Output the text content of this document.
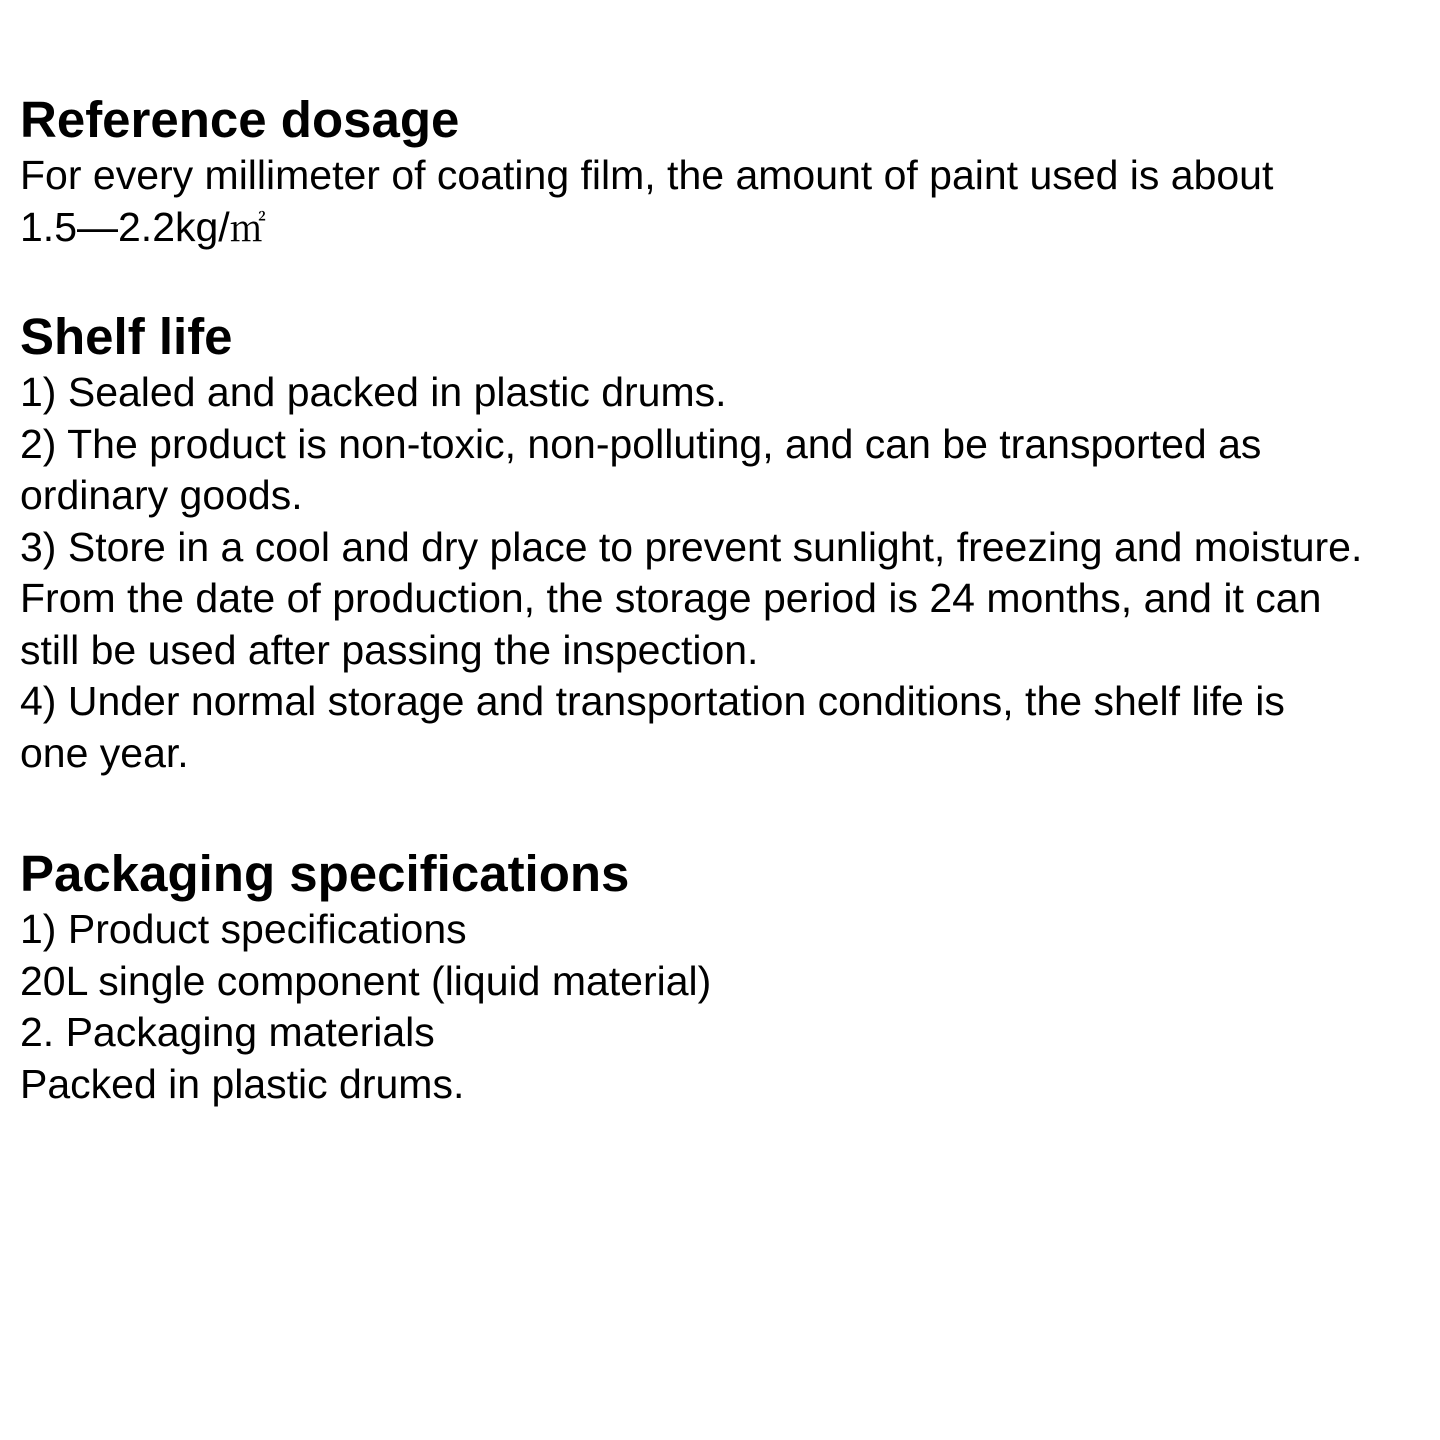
Reference dosage
For every millimeter of coating film, the amount of paint used is about
1.5—2.2kg/㎡
Shelf life
1) Sealed and packed in plastic drums.
2) The product is non-toxic, non-polluting, and can be transported as
ordinary goods.
3) Store in a cool and dry place to prevent sunlight, freezing and moisture.
From the date of production, the storage period is 24 months, and it can
still be used after passing the inspection.
4) Under normal storage and transportation conditions, the shelf life is
one year.
Packaging specifications
1) Product specifications
20L single component (liquid material)
2. Packaging materials
Packed in plastic drums.
